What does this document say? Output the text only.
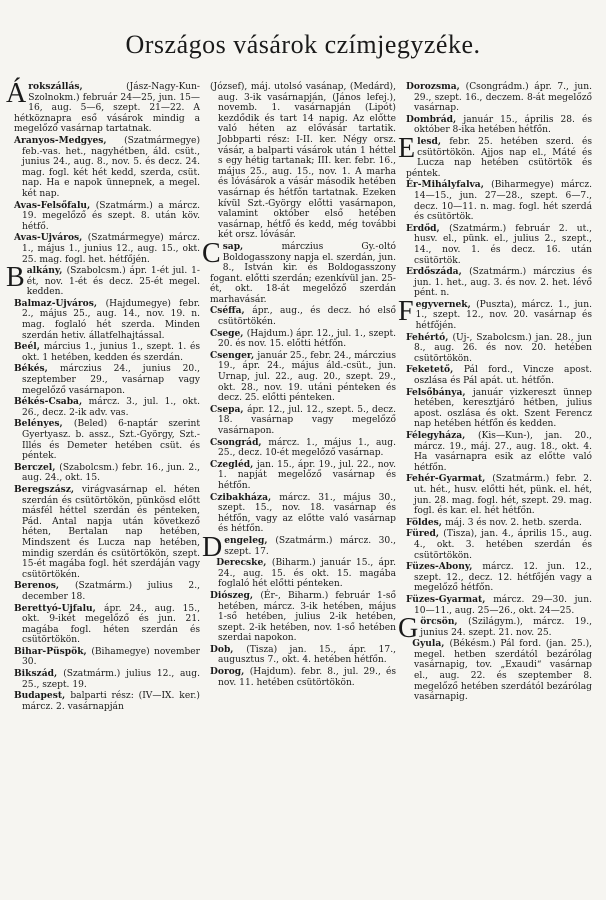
Országos vásárok czímjegyzéke.

Árokszállás, (Jász-Nagy-Kun-Szolnokm.) február 24—25, jun. 15—16, aug. 5—6, szept. 21—22. A hétköznapra eső vásárok mindig a megelőző vasárnap tartatnak.

Aranyos-Medgyes, (Szatmármegye) feb.-vas. het., nagyhétben, áld. csüt., junius 24., aug. 8., nov. 5. és decz. 24. mag. fogl. két hét kedd, szerda, csüt. nap. Ha e napok ünnepnek, a megel. két nap.

Avas-Felsőfalu, (Szatmárm.) a márcz. 19. megelőző és szept. 8. után köv. hétfő.

Avas-Ujváros, (Szatmármegye) márcz. 1., május 1., junius 12., aug. 15., okt. 25. mag. fogl. het. hétfőjén.

Balkány, (Szabolcsm.) ápr. 1-ét jul. 1-ét, nov. 1-ét és decz. 25-ét megel. kedden.

Balmaz-Ujváros, (Hajdumegye) febr. 2., május 25., aug. 14., nov. 19. n. mag. foglaló hét szerda. Minden szerdán hetiv. állatfelhajtással.

Beél, március 1., junius 1., szept. 1. és okt. 1 hetében, kedden és szerdán.

Békés, márczius 24., junius 20., szeptember 29., vasárnap vagy megelőző vasárnapon.

Békés-Csaba, márcz. 3., jul. 1., okt. 26., decz. 2-ik adv. vas.

Belényes, (Beled) 6-naptár szerint Gyertyasz. b. assz., Szt.-György, Szt.-Illés és Demeter hetében csüt. és péntek.

Berczel, (Szabolcsm.) febr. 16., jun. 2., aug. 24., okt. 15.

Beregszász, virágvasárnap el. héten szerdán és csütörtökön, pünkösd előtt másfél héttel szerdán és pénteken, Pád. Antal napja után következő héten, Bertalan nap hetében, Mindszent és Lucza nap hetében, mindig szerdán és csütörtökön, szept. 15-ét magába fogl. hét szerdáján vagy csütörtökén.

Berenos, (Szatmárm.) julius 2., december 18.

Berettyó-Ujfalu, ápr. 24., aug. 15., okt. 9-ikét megelőző és jun. 21. magába fogl. héten szerdán és csütörtökön.

Bihar-Püspök, (Bihamegye) november 30.

Bikszád, (Szatmárm.) julius 12., aug. 25., szept. 19.

Budapest, balparti rész: (IV—IX. ker.) márcz. 2. vasárnapján

(József), máj. utolsó vasánap, (Medárd), aug. 3-ik vasárnapján, (János lefej.), novemb. 1. vasárnapján (Lipót) kezdődik és tart 14 napig. Az előtte való héten az elővásár tartatik. Jobbparti rész: I-II. ker. Négy orsz. vásár, a balparti vásárok után 1 héttel s egy hétig tartanak; III. ker. febr. 16., május 25., aug. 15., nov. 1. A marha és lóvásárok a vásár második hetében vasárnap és hétfőn tartatnak. Ezeken kívül Szt.-György előtti vasárnapon, valamint október első hetében vasárnap, hétfő és kedd, még további két orsz. lóvásár.

Csap, márczius Gy.-oltó Boldogasszony napja el. szerdán, jun. 8., István kir. és Boldogasszony fogant. előtti szerdán; ezenkívül jan. 25-ét, okt. 18-át megelőző szerdán marhavásár.

Cséffa, ápr., aug., és decz. hó első csütörtökén.

Csege, (Hajdum.) ápr. 12., jul. 1., szept. 20. és nov. 15. előtti hétfőn.

Csenger, január 25., febr. 24., márczius 19., ápr. 24., május áld.-csüt., jun. Urnap, jul. 22., aug. 20., szept. 29., okt. 28., nov. 19. utáni pénteken és decz. 25. előtti pénteken.

Csepa, ápr. 12., jul. 12., szept. 5., decz. 18. vasárnap vagy megelőző vasárnapon.

Csongrád, márcz. 1., május 1., aug. 25., decz. 10-ét megelőző vasárnap.

Czegléd, jan. 15., ápr. 19., jul. 22., nov. 1. napját megelőző vasárnap és hétfőn.

Czibakháza, márcz. 31., május 30., szept. 15., nov. 18. vasárnap és hétfőn, vagy az előtte való vasárnap és hétfőn.

Dengeleg, (Szatmárm.) márcz. 30., szept. 17.

Derecske, (Biharm.) január 15., ápr. 24., aug. 15. és okt. 15. magába foglaló hét előtti pénteken.

Diószeg, (Ér-, Biharm.) február 1-ső hetében, márcz. 3-ik hetében, május 1-ső hetében, julius 2-ik hetében, szept. 2-ik hetében, nov. 1-ső hetében szerdai napokon.

Dob, (Tisza) jan. 15., ápr. 17., augusztus 7., okt. 4. hetében hétfőn.

Dorog, (Hajdum). febr. 8., jul. 29., és nov. 11. hetében csütörtökön.

Dorozsma, (Csongrádm.) ápr. 7., jun. 29., szept. 16., deczem. 8-át megelőző vasárnap.

Dombrád, január 15., április 28. és október 8-ika hetében hétfőn.

Elesd, febr. 25. hetében szerd. és csütörtökön. Ajjos nap el., Máté és Lucza nap hetében csütörtök és péntek.

Ér-Mihályfalva, (Biharmegye) márcz. 14—15., jun. 27—28., szept. 6—7., decz. 10—11. n. mag. fogl. hét szerdá és csütörtök.

Erdőd, (Szatmárm.) február 2. ut., husv. el., pünk. el., julius 2., szept., 14., nov. 1. és decz. 16. után csütörtök.

Erdőszáda, (Szatmárm.) márczius és jun. 1. het., aug. 3. és nov. 2. het. lévő pént. n.

Fegyvernek, (Puszta), márcz. 1., jun. 1., szept. 12., nov. 20. vasárnap és hétfőjén.

Fehértó, (Uj-, Szabolcsm.) jan. 28., jun 8., aug. 26. és nov. 20. hetében csütörtökön.

Feketető, Pál ford., Vincze apost. oszlása és Pál apát. ut. hétfőn.

Felsőbánya, január vizkereszt ünnep hetében, keresztjáró hétben, julius apost. oszlása és okt. Szent Ferencz nap hetében hétfőn és kedden.

Félegyháza, (Kis—Kun-), jan. 20., márcz. 19., máj. 27., aug. 18., okt. 4. Ha vasárnapra esik az előtte való hétfőn.

Fehér-Gyarmat, (Szatmárm.) febr. 2. ut. hét., husv. előtti hét, pünk. el. hét, jun. 28. mag. fogl. hét, szept. 29. mag. fogl. és kar. el. hét hétfőn.

Földes, máj. 3 és nov. 2. hetb. szerda.

Füred, (Tisza), jan. 4., április 15., aug. 4., okt. 3. hetében szerdán és csütörtökön.

Füzes-Abony, márcz. 12. jun. 12., szept. 12., decz. 12. hétfőjén vagy a megelőző hétfőn.

Füzes-Gyarmat, márcz. 29—30. jun. 10—11., aug. 25—26., okt. 24—25.

Görcsön, (Szilágym.), márcz. 19., junius 24. szept. 21. nov. 25.

Gyula, (Békésm.) Pál ford. (jan. 25.), megel. hetben szerdától bezárólag vasárnapig, tov. „Exaudi“ vasárnap el., aug. 22. és szeptember 8. megelőző hetében szerdától bezárólag vasárnapig.
